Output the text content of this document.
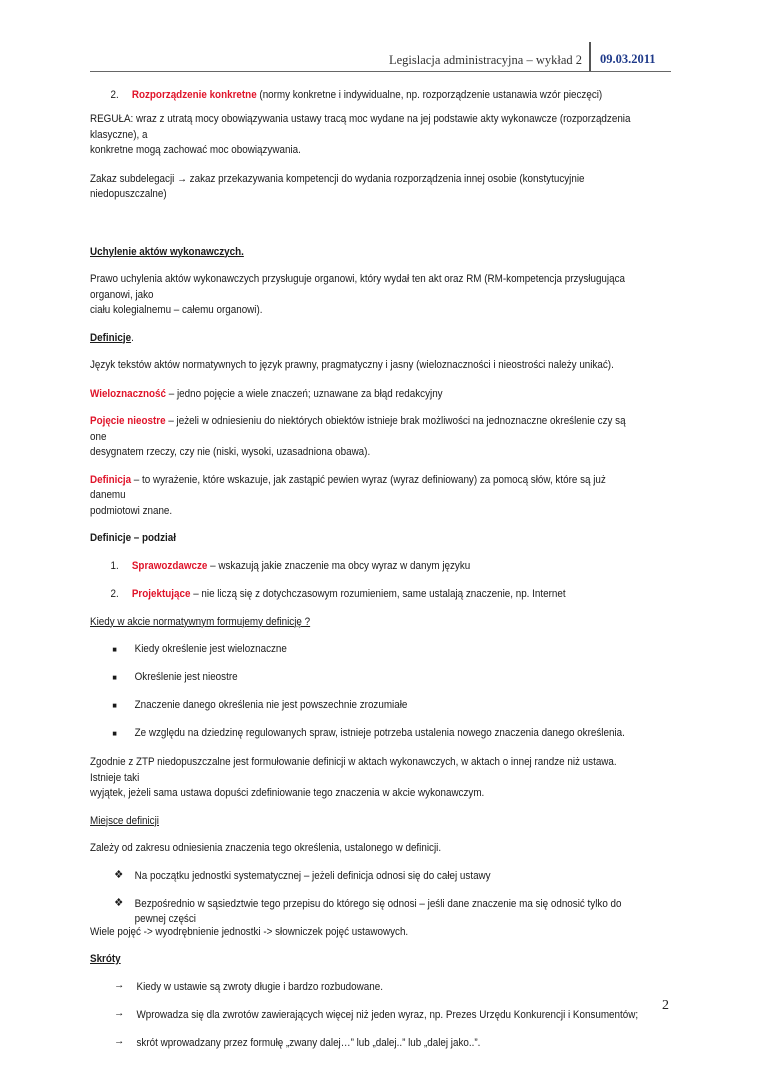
Legislacja administracyjna – wykład 2 09.03.2011
2. Rozporządzenie konkretne (normy konkretne i indywidualne, np. rozporządzenie ustanawia wzór pieczęci)

REGUŁA: wraz z utratą mocy obowiązywania ustawy tracą moc wydane na jej podstawie akty wykonawcze (rozporządzenia klasyczne), a
konkretne mogą zachować moc obowiązywania.

Zakaz subdelegacji → zakaz przekazywania kompetencji do wydania rozporządzenia innej osobie (konstytucyjnie niedopuszczalne)

Uchylenie aktów wykonawczych.

Prawo uchylenia aktów wykonawczych przysługuje organowi, który wydał ten akt oraz RM (RM-kompetencja przysługująca organowi, jako
ciału kolegialnemu – całemu organowi).

Definicje.

Język tekstów aktów normatywnych to język prawny, pragmatyczny i jasny (wieloznaczności i nieostrości należy unikać).

Wieloznaczność – jedno pojęcie a wiele znaczeń; uznawane za błąd redakcyjny

Pojęcie nieostre – jeżeli w odniesieniu do niektórych obiektów istnieje brak możliwości na jednoznaczne określenie czy są one
desygnatem rzeczy, czy nie (niski, wysoki, uzasadniona obawa).

Definicja – to wyrażenie, które wskazuje, jak zastąpić pewien wyraz (wyraz definiowany) za pomocą słów, które są już danemu
podmiotowi znane.

Definicje – podział

1. Sprawozdawcze – wskazują jakie znaczenie ma obcy wyraz w danym języku
2. Projektujące – nie liczą się z dotychczasowym rozumieniem, same ustalają znaczenie, np. Internet

Kiedy w akcie normatywnym formujemy definicję ?

■ Kiedy określenie jest wieloznaczne
■ Określenie jest nieostre
■ Znaczenie danego określenia nie jest powszechnie zrozumiałe
■ Ze względu na dziedzinę regulowanych spraw, istnieje potrzeba ustalenia nowego znaczenia danego określenia.

Zgodnie z ZTP niedopuszczalne jest formułowanie definicji w aktach wykonawczych, w aktach o innej randze niż ustawa. Istnieje taki
wyjątek, jeżeli sama ustawa dopuści zdefiniowanie tego znaczenia w akcie wykonawczym.

Miejsce definicji

Zależy od zakresu odniesienia znaczenia tego określenia, ustalonego w definicji.

❖ Na początku jednostki systematycznej – jeżeli definicja odnosi się do całej ustawy
❖ Bezpośrednio w sąsiedztwie tego przepisu do którego się odnosi – jeśli dane znaczenie ma się odnosić tylko do pewnej części

Wiele pojęć -> wyodrębnienie jednostki -> słowniczek pojęć ustawowych.

Skróty

→ Kiedy w ustawie są zwroty długie i bardzo rozbudowane.
→ Wprowadza się dla zwrotów zawierających więcej niż jeden wyraz, np. Prezes Urzędu Konkurencji i Konsumentów;
→ skrót wprowadzany przez formułę „zwany dalej…” lub „dalej..” lub „dalej jako..”.
2
